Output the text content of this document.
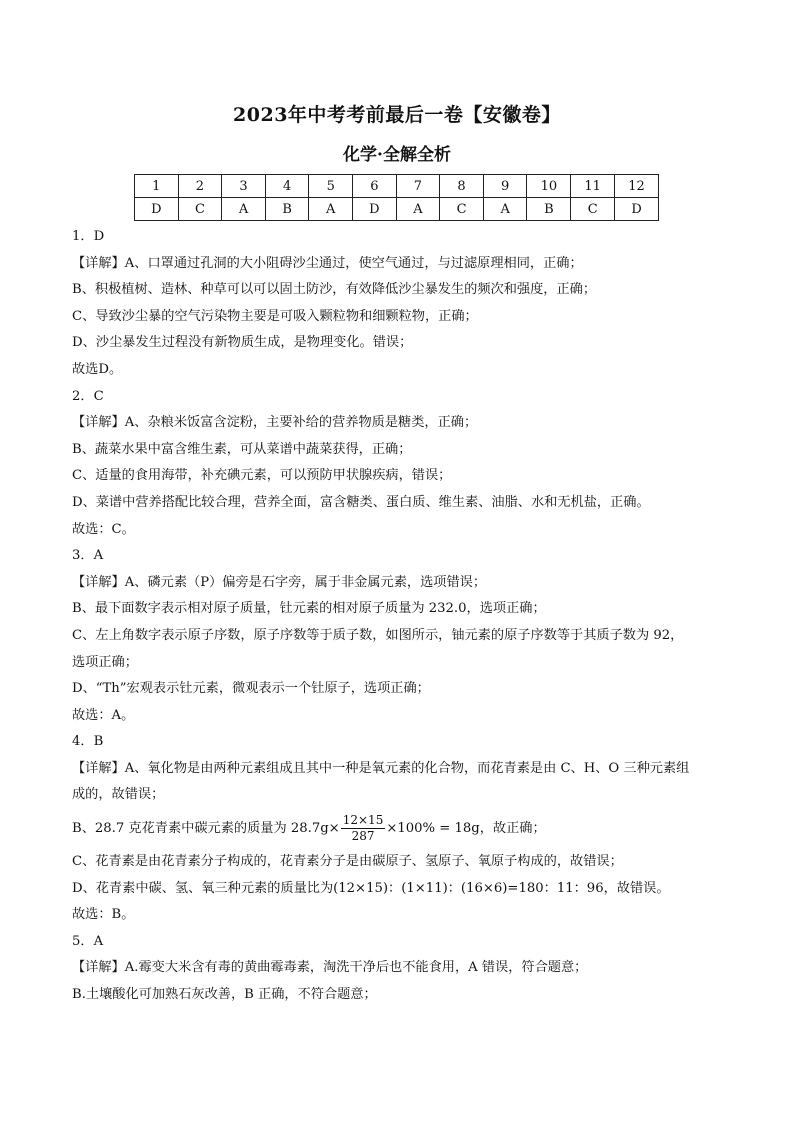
2023年中考考前最后一卷【安徽卷】
化学·全解全析
1	2	3	4	5	6	7	8	9	10	11	12
D	C	A	B	A	D	A	C	A	B	C	D
1．D
【详解】A、口罩通过孔洞的大小阻碍沙尘通过，使空气通过，与过滤原理相同，正确；
B、积极植树、造林、种草可以可以固土防沙，有效降低沙尘暴发生的频次和强度，正确；
C、导致沙尘暴的空气污染物主要是可吸入颗粒物和细颗粒物，正确；
D、沙尘暴发生过程没有新物质生成，是物理变化。错误；
故选D。
2．C
【详解】A、杂粮米饭富含淀粉，主要补给的营养物质是糖类，正确；
B、蔬菜水果中富含维生素，可从菜谱中蔬菜获得，正确；
C、适量的食用海带，补充碘元素，可以预防甲状腺疾病，错误；
D、菜谱中营养搭配比较合理，营养全面，富含糖类、蛋白质、维生素、油脂、水和无机盐，正确。
故选：C。
3．A
【详解】A、磷元素（P）偏旁是石字旁，属于非金属元素，选项错误；
B、最下面数字表示相对原子质量，钍元素的相对原子质量为 232.0，选项正确；
C、左上角数字表示原子序数，原子序数等于质子数，如图所示，铀元素的原子序数等于其质子数为 92，
选项正确；
D、“Th”宏观表示钍元素，微观表示一个钍原子，选项正确；
故选：A。
4．B
【详解】A、氧化物是由两种元素组成且其中一种是氧元素的化合物，而花青素是由 C、H、O 三种元素组
成的，故错误；
B、28.7 克花青素中碳元素的质量为 $28.7g\times \frac{12\times 15}{287} \times 100\% = 18g$，故正确；
C、花青素是由花青素分子构成的，花青素分子是由碳原子、氢原子、氧原子构成的，故错误；
D、花青素中碳、氢、氧三种元素的质量比为(12×15)：(1×11)：(16×6)=180：11：96，故错误。
故选：B。
5．A
【详解】A.霉变大米含有毒的黄曲霉毒素，淘洗干净后也不能食用，A 错误，符合题意；
B.土壤酸化可加熟石灰改善，B 正确，不符合题意；
